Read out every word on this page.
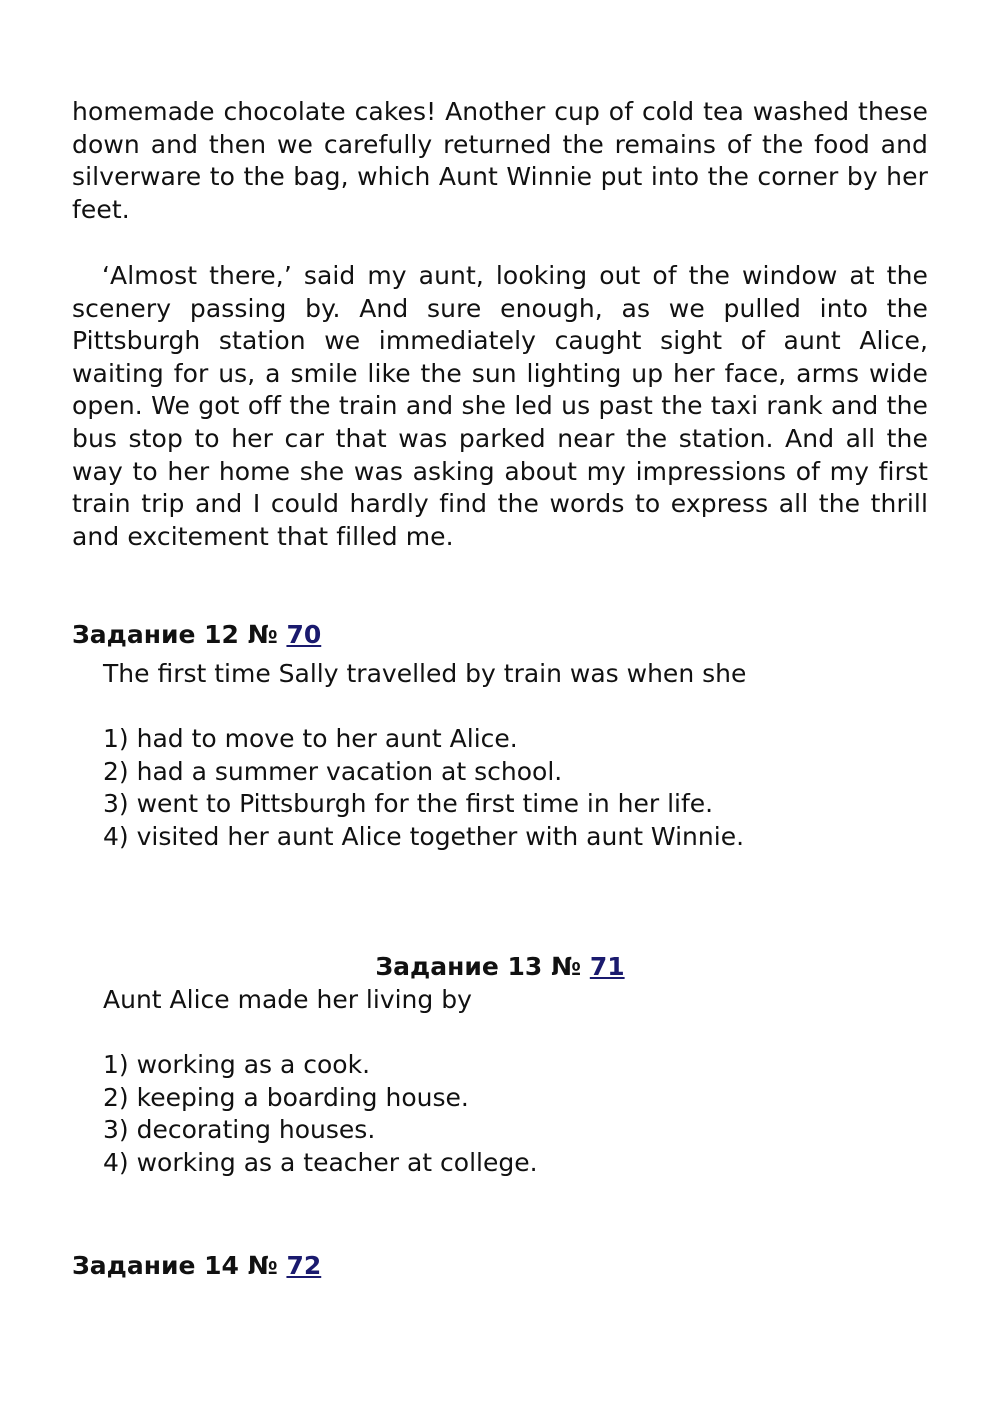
homemade chocolate cakes! Another cup of cold tea washed these down and then we carefully returned the remains of the food and silverware to the bag, which Aunt Winnie put into the corner by her feet.

‘Almost there,’ said my aunt, looking out of the window at the scenery passing by. And sure enough, as we pulled into the Pittsburgh station we immediately caught sight of aunt Alice, waiting for us, a smile like the sun lighting up her face, arms wide open. We got off the train and she led us past the taxi rank and the bus stop to her car that was parked near the station. And all the way to her home she was asking about my impressions of my first train trip and I could hardly find the words to express all the thrill and excitement that filled me.

Задание 12 № 70

The first time Sally travelled by train was when she

1) had to move to her aunt Alice.
2) had a summer vacation at school.
3) went to Pittsburgh for the first time in her life.
4) visited her aunt Alice together with aunt Winnie.
Задание 13 № 71

Aunt Alice made her living by

1) working as a cook.
2) keeping a boarding house.
3) decorating houses.
4) working as a teacher at college.
Задание 14 № 72
